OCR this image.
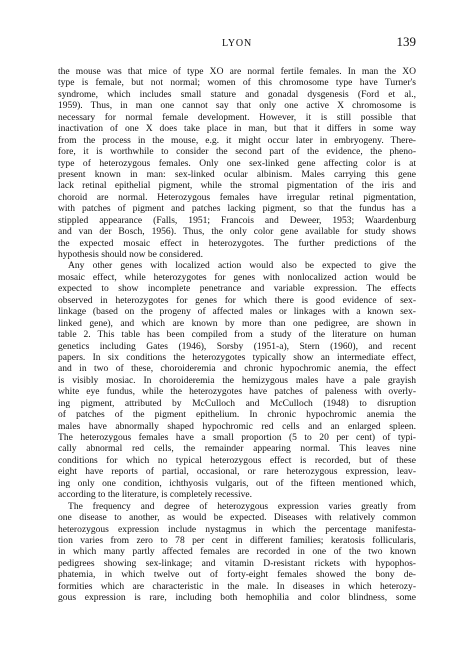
LYON	139
the mouse was that mice of type XO are normal fertile females. In man the XO
type is female, but not normal; women of this chromosome type have Turner's
syndrome, which includes small stature and gonadal dysgenesis (Ford et al.,
1959). Thus, in man one cannot say that only one active X chromosome is
necessary for normal female development. However, it is still possible that
inactivation of one X does take place in man, but that it differs in some way
from the process in the mouse, e.g. it might occur later in embryogeny. There-
fore, it is worthwhile to consider the second part of the evidence, the pheno-
type of heterozygous females. Only one sex-linked gene affecting color is at
present known in man: sex-linked ocular albinism. Males carrying this gene
lack retinal epithelial pigment, while the stromal pigmentation of the iris and
choroid are normal. Heterozygous females have irregular retinal pigmentation,
with patches of pigment and patches lacking pigment, so that the fundus has a
stippled appearance (Falls, 1951; Francois and Deweer, 1953; Waardenburg
and van der Bosch, 1956). Thus, the only color gene available for study shows
the expected mosaic effect in heterozygotes. The further predictions of the
hypothesis should now be considered.
Any other genes with localized action would also be expected to give the
mosaic effect, while heterozygotes for genes with nonlocalized action would be
expected to show incomplete penetrance and variable expression. The effects
observed in heterozygotes for genes for which there is good evidence of sex-
linkage (based on the progeny of affected males or linkages with a known sex-
linked gene), and which are known by more than one pedigree, are shown in
table 2. This table has been compiled from a study of the literature on human
genetics including Gates (1946), Sorsby (1951-a), Stern (1960), and recent
papers. In six conditions the heterozygotes typically show an intermediate effect,
and in two of these, choroideremia and chronic hypochromic anemia, the effect
is visibly mosiac. In choroideremia the hemizygous males have a pale grayish
white eye fundus, while the heterozygotes have patches of paleness with overly-
ing pigment, attributed by McCulloch and McCulloch (1948) to disruption
of patches of the pigment epithelium. In chronic hypochromic anemia the
males have abnormally shaped hypochromic red cells and an enlarged spleen.
The heterozygous females have a small proportion (5 to 20 per cent) of typi-
cally abnormal red cells, the remainder appearing normal. This leaves nine
conditions for which no typical heterozygous effect is recorded, but of these
eight have reports of partial, occasional, or rare heterozygous expression, leav-
ing only one condition, ichthyosis vulgaris, out of the fifteen mentioned which,
according to the literature, is completely recessive.
The frequency and degree of heterozygous expression varies greatly from
one disease to another, as would be expected. Diseases with relatively common
heterozygous expression include nystagmus in which the percentage manifesta-
tion varies from zero to 78 per cent in different families; keratosis follicularis,
in which many partly affected females are recorded in one of the two known
pedigrees showing sex-linkage; and vitamin D-resistant rickets with hypophos-
phatemia, in which twelve out of forty-eight females showed the bony de-
formities which are characteristic in the male. In diseases in which heterozy-
gous expression is rare, including both hemophilia and color blindness, some
